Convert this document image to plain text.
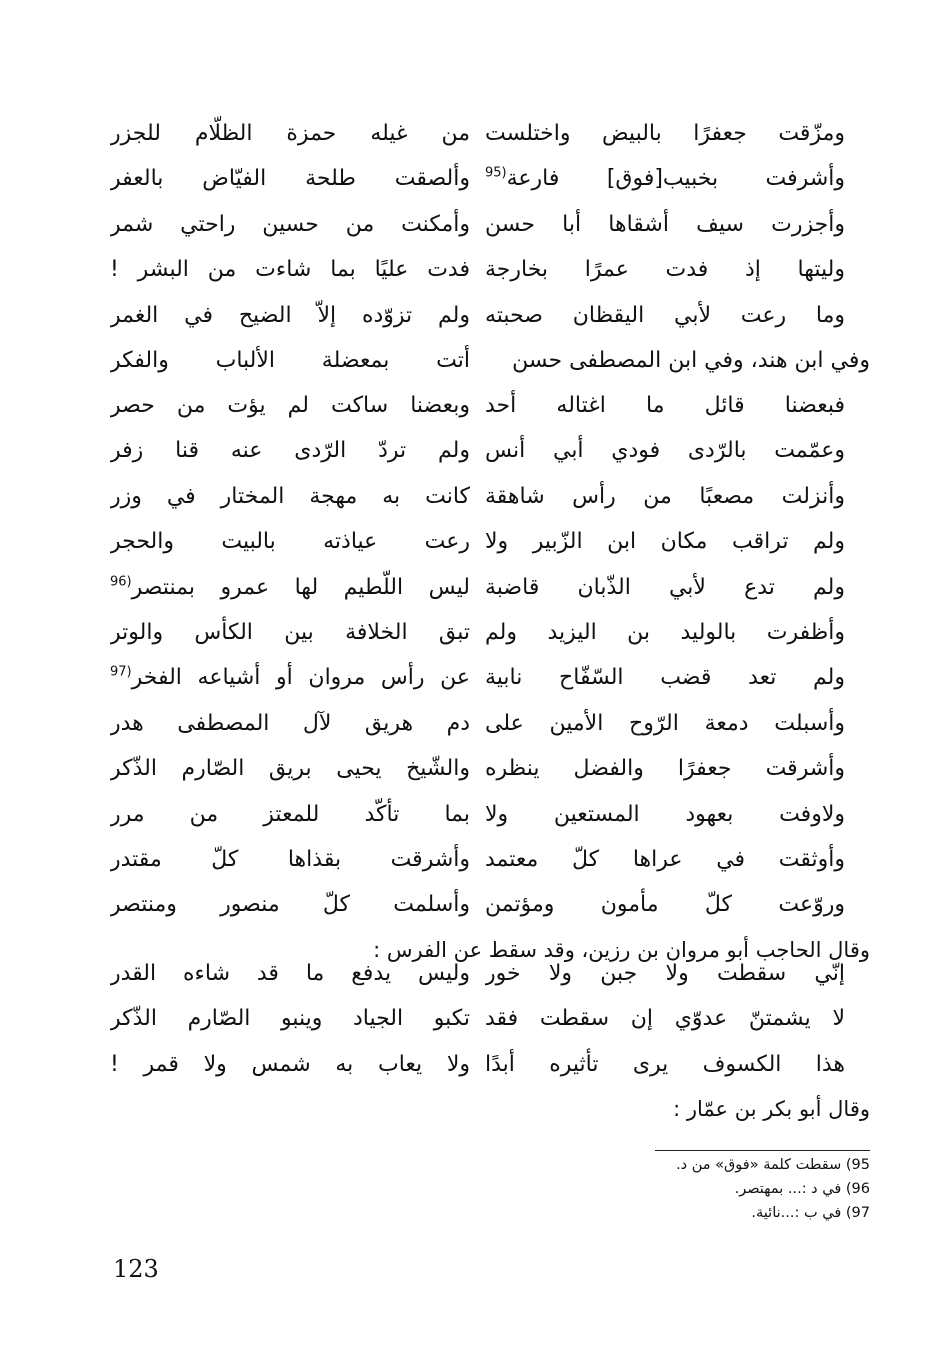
ومزّقت جعفرًا بالبيض واختلست
من غيله حمزة الظلّام للجزر
وأشرفت بخبيب[فوق] فارعة$^{(95}$
وألصقت طلحة الفيّاض بالعفر
وأجزرت سيف أشقاها أبا حسن
وأمكنت من حسين راحتي شمر
وليتها إذ فدت عمرًا بخارجة
فدت عليًا بما شاءت من البشر !
وما رعت لأبي اليقظان صحبته
ولم تزوّده إلاّ الضيح في الغمر
وفي ابن هند، وفي ابن المصطفى حسن
أتت بمعضلة الألباب والفكر
فبعضنا قائل ما اغتاله أحد
وبعضنا ساكت لم يؤت من حصر
وعمّمت بالرّدى فودي أبي أنس
ولم تردّ الرّدى عنه قنا زفر
وأنزلت مصعبًا من رأس شاهقة
كانت به مهجة المختار في وزر
ولم تراقب مكان ابن الزّبير ولا
رعت عياذته بالبيت والحجر
ولم تدع لأبي الذّبان قاضبة
ليس اللّطيم لها عمرو بمنتصر$^{(96}$
وأظفرت بالوليد بن اليزيد ولم
تبق الخلافة بين الكأس والوتر
ولم تعد قضب السّفّاح نابية
عن رأس مروان أو أشياعه الفخر$^{(97}$
وأسبلت دمعة الرّوح الأمين على
دم هريق لآل المصطفى هدر
وأشرقت جعفرًا والفضل ينظره
والشّيخ يحيى بريق الصّارم الذّكر
ولاوفت بعهود المستعين ولا
بما تأكّد للمعتز من مرر
وأوثقت في عراها كلّ معتمد
وأشرقت بقذاها كلّ مقتدر
وروّعت كلّ مأمون ومؤتمن
وأسلمت كلّ منصور ومنتصر
وقال الحاجب أبو مروان بن رزين، وقد سقط عن الفرس :
إنّي سقطت ولا جبن ولا خور
وليس يدفع ما قد شاءه القدر
لا يشمتنّ عدوّي إن سقطت فقد
تكبو الجياد وينبو الصّارم الذّكر
هذا الكسوف يرى تأثيره أبدًا
ولا يعاب به شمس ولا قمر !
وقال أبو بكر بن عمّار :
95) سقطت كلمة «فوق» من د.
96) في د :... بمهتصر.
97) في ب :...نائية.
123
